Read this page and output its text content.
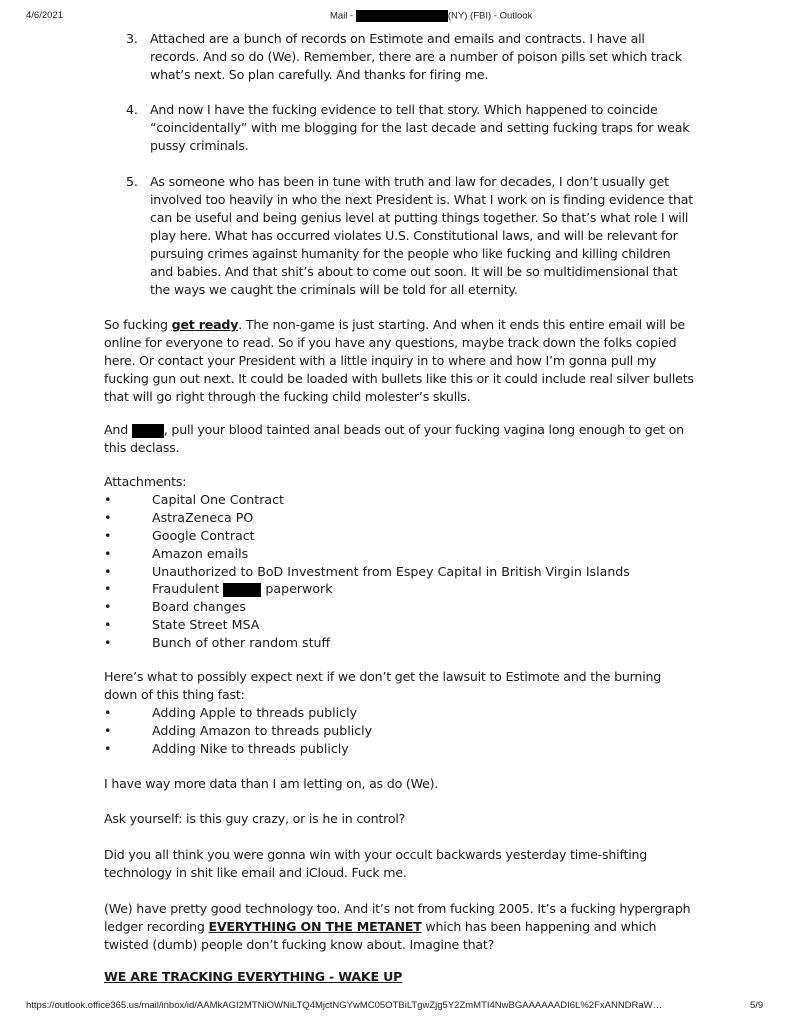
4/6/2021	Mail -	(NY) (FBI) - Outlook
3. Attached are a bunch of records on Estimote and emails and contracts. I have all records. And so do (We). Remember, there are a number of poison pills set which track what’s next. So plan carefully. And thanks for firing me.
4. And now I have the fucking evidence to tell that story. Which happened to coincide “coincidentally” with me blogging for the last decade and setting fucking traps for weak pussy criminals.
5. As someone who has been in tune with truth and law for decades, I don’t usually get involved too heavily in who the next President is. What I work on is finding evidence that can be useful and being genius level at putting things together. So that’s what role I will play here. What has occurred violates U.S. Constitutional laws, and will be relevant for pursuing crimes against humanity for the people who like fucking and killing children and babies. And that shit’s about to come out soon. It will be so multidimensional that the ways we caught the criminals will be told for all eternity.
So fucking get ready. The non-game is just starting. And when it ends this entire email will be online for everyone to read. So if you have any questions, maybe track down the folks copied here. Or contact your President with a little inquiry in to where and how I’m gonna pull my fucking gun out next. It could be loaded with bullets like this or it could include real silver bullets that will go right through the fucking child molester’s skulls.
And	, pull your blood tainted anal beads out of your fucking vagina long enough to get on this declass.
Attachments:
•	Capital One Contract
•	AstraZeneca PO
•	Google Contract
•	Amazon emails
•	Unauthorized to BoD Investment from Espey Capital in British Virgin Islands
•	Fraudulent	paperwork
•	Board changes
•	State Street MSA
•	Bunch of other random stuff
Here’s what to possibly expect next if we don’t get the lawsuit to Estimote and the burning down of this thing fast:
•	Adding Apple to threads publicly
•	Adding Amazon to threads publicly
•	Adding Nike to threads publicly
I have way more data than I am letting on, as do (We).
Ask yourself: is this guy crazy, or is he in control?
Did you all think you were gonna win with your occult backwards yesterday time-shifting technology in shit like email and iCloud. Fuck me.
(We) have pretty good technology too. And it’s not from fucking 2005. It’s a fucking hypergraph ledger recording EVERYTHING ON THE METANET which has been happening and which twisted (dumb) people don’t fucking know about. Imagine that?
WE ARE TRACKING EVERYTHING - WAKE UP
https://outlook.office365.us/mail/inbox/id/AAMkAGI2MTNiOWNiLTQ4MjctNGYwMC05OTBiLTgwZjg5Y2ZmMTI4NwBGAAAAAADI6L%2FxANNDRaW…	5/9
